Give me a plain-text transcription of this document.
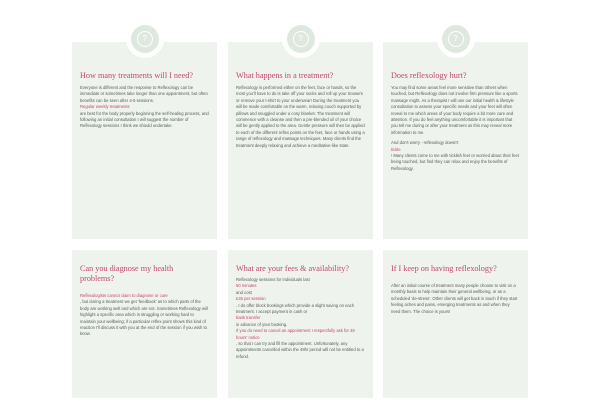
?
How many treatments will I need?

Everyone is different and the response to Reflexology can be immediate or sometimes take longer than one appointment, but often benefits can be seen after 4-5 sessions.

Regular weekly treatments

are best for the body properly beginning the self-healing process, and following an initial consultation I will suggest the number of Reflexology sessions I think we should undertake.

?
What happens in a treatment?

Reflexology is performed either on the feet, face or hands, so the most you'll have to do is take off your socks and roll up your trousers or remove your t-shirt to your underwear! During the treatment you will be made comfortable on the warm, relaxing couch supported by pillows and snuggled under a cosy blanket. The treatment will commence with a cleanse and then a pre-blended oil of your choice will be gently applied to the area. Gentle pressure will then be applied to each of the different reflex points on the feet, face or hands using a range of reflexology and massage techniques. Many clients find the treatment deeply relaxing and achieve a meditative-like state.

?
Does reflexology hurt?

You may find some areas feel more sensitive than others when touched, but Reflexology does not involve firm pressure like a sports massage might. As a therapist I will use our initial health & lifestyle consultation to assess your specific needs and your feet will often reveal to me which areas of your body require a bit more care and attention. If you do feel anything uncomfortable it is important that you tell me during or after your treatment as this may reveal more information to me.

And don't worry - reflexology doesn't

tickle

! Many clients come to me with ticklish feet or worried about their feet being touched, but find they can relax and enjoy the benefits of Reflexology.

Can you diagnose my health problems?

Reflexologists cannot claim to diagnose or cure

, but during a treatment we get 'feedback' as to which parts of the body are working well and which are not. Sometimes Reflexology will highlight a specific area which is struggling or working hard to maintain your wellbeing; if a particular reflex point shows this kind of reaction I'll discuss it with you at the end of the session if you wish to know.

What are your fees & availability?

Reflexology sessions for individuals last

50 minutes

and cost

£45 per session

. I do offer block bookings which provide a slight saving on each treatment. I accept payment in cash or

bank transfer

in advance of your booking.

If you do need to cancel an appointment I respectfully ask for 48 hours' notice

, so that I can try and fill the appointment. Unfortunately, any appointments cancelled within the 48hr period will not be entitled to a refund.

If I keep on having reflexology?

After an initial course of treatment many people choose to visit on a monthly basis to help maintain their general wellbeing, or as a scheduled 'de-stress'. Other clients will get back in touch if they start feeling aches and pains, emerging treatments as and when they need them. The choice is yours!
